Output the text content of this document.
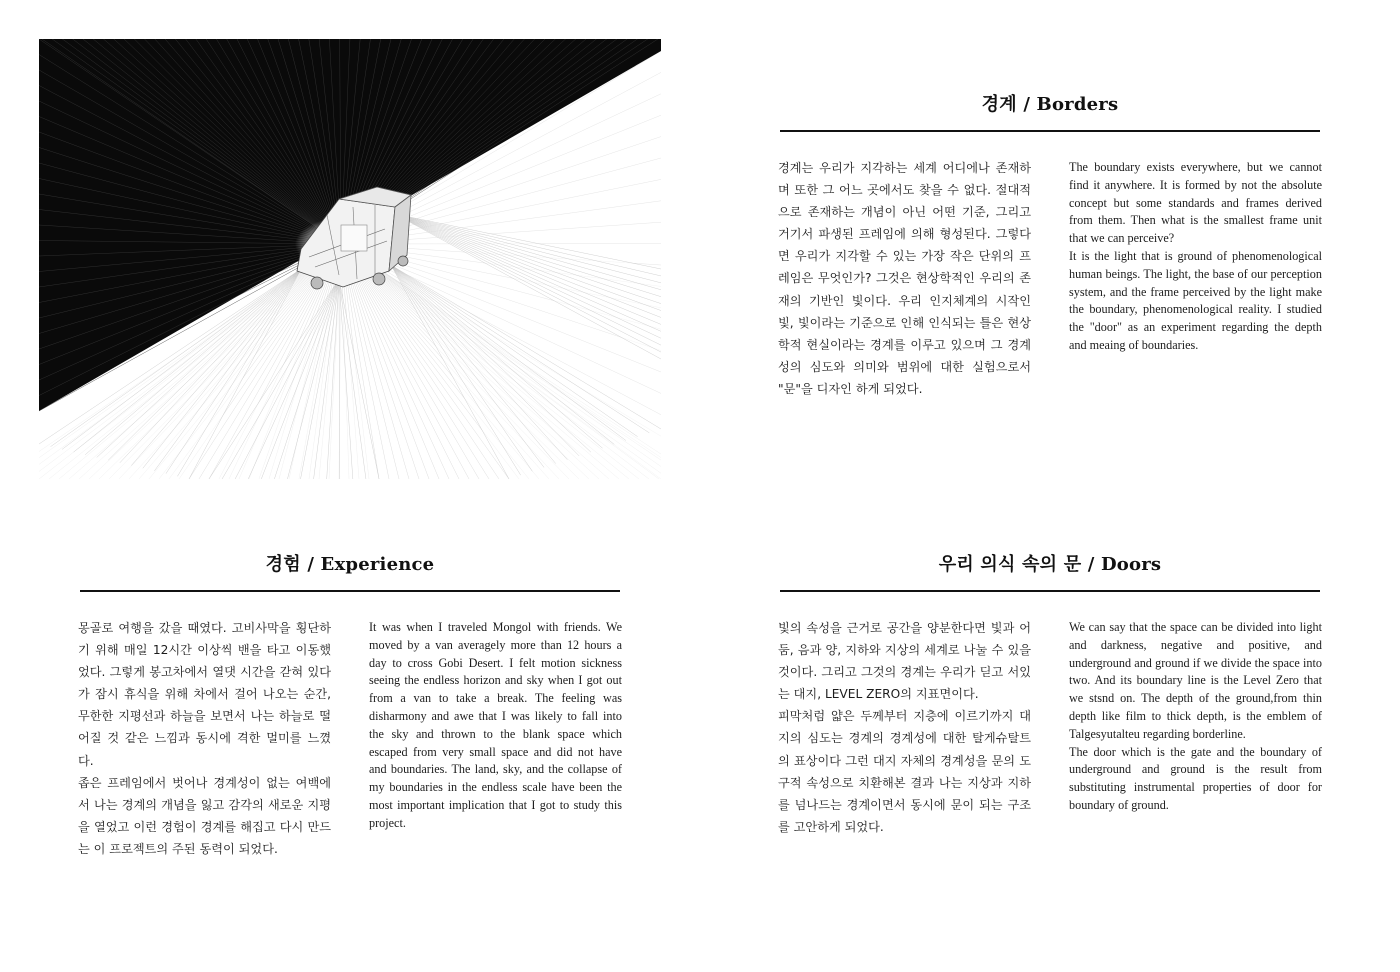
경계 / Borders

경계는 우리가 지각하는 세계 어디에나 존재하며 또한 그 어느 곳에서도 찾을 수 없다. 절대적으로 존재하는 개념이 아닌 어떤 기준, 그리고 거기서 파생된 프레임에 의해 형성된다. 그렇다면 우리가 지각할 수 있는 가장 작은 단위의 프레임은 무엇인가? 그것은 현상학적인 우리의 존재의 기반인 빛이다. 우리 인지체계의 시작인 빛, 빛이라는 기준으로 인해 인식되는 틀은 현상학적 현실이라는 경계를 이루고 있으며 그 경계성의 심도와 의미와 범위에 대한 실험으로서 "문"을 디자인 하게 되었다.

The boundary exists everywhere, but we cannot find it anywhere. It is formed by not the absolute concept but some standards and frames derived from them. Then what is the smallest frame unit that we can perceive?

It is the light that is ground of phenomenological human beings. The light, the base of our perception system, and the frame perceived by the light make the boundary, phenomenological reality. I studied the "door" as an experiment regarding the depth and meaing of boundaries.

경험 / Experience

몽골로 여행을 갔을 때였다. 고비사막을 횡단하기 위해 매일 12시간 이상씩 밴을 타고 이동했었다. 그렇게 봉고차에서 열댓 시간을 갇혀 있다가 잠시 휴식을 위해 차에서 걸어 나오는 순간, 무한한 지평선과 하늘을 보면서 나는 하늘로 떨어질 것 같은 느낌과 동시에 격한 멀미를 느꼈다.

좁은 프레임에서 벗어나 경계성이 없는 여백에서 나는 경계의 개념을 잃고 감각의 새로운 지평을 열었고 이런 경험이 경계를 해집고 다시 만드는 이 프로젝트의 주된 동력이 되었다.

It was when I traveled Mongol with friends. We moved by a van averagely more than 12 hours a day to cross Gobi Desert. I felt motion sickness seeing the endless horizon and sky when I got out from a van to take a break. The feeling was disharmony and awe that I was likely to fall into the sky and thrown to the blank space which escaped from very small space and did not have and boundaries. The land, sky, and the collapse of my boundaries in the endless scale have been the most important implication that I got to study this project.

우리 의식 속의 문 / Doors

빛의 속성을 근거로 공간을 양분한다면 빛과 어둠, 음과 양, 지하와 지상의 세계로 나눌 수 있을 것이다. 그리고 그것의 경계는 우리가 딛고 서있는 대지, LEVEL ZERO의 지표면이다.

피막처럼 얇은 두께부터 지층에 이르기까지 대지의 심도는 경계의 경계성에 대한 탈게슈탈트의 표상이다 그런 대지 자체의 경계성을 문의 도구적 속성으로 치환해본 결과 나는 지상과 지하를 넘나드는 경계이면서 동시에 문이 되는 구조를 고안하게 되었다.

We can say that the space can be divided into light and darkness, negative and positive, and underground and ground if we divide the space into two. And its boundary line is the Level Zero that we stsnd on. The depth of the ground,from thin depth like film to thick depth, is the emblem of Talgesyutalteu regarding borderline.

The door which is the gate and the boundary of underground and ground is the result from substituting instrumental properties of door for boundary of ground.
